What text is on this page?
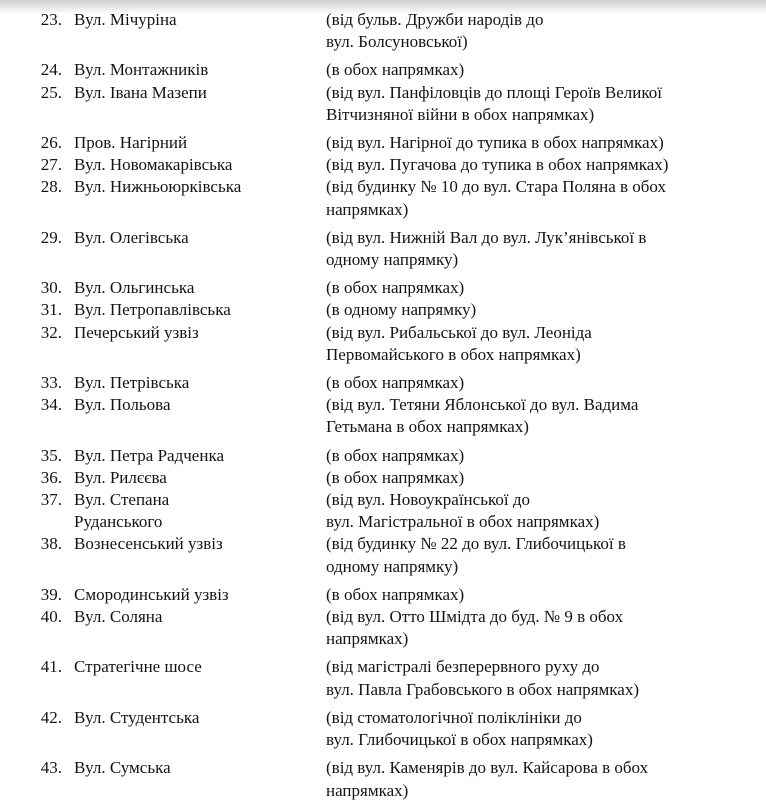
23. Вул. Мічуріна	(від бульв. Дружби народів до
вул. Болсуновської)
24. Вул. Монтажників	(в обох напрямках)
25. Вул. Івана Мазепи	(від вул. Панфіловців до площі Героїв Великої
Вітчизняної війни в обох напрямках)
26. Пров. Нагірний	(від вул. Нагірної до тупика в обох напрямках)
27. Вул. Новомакарівська	(від вул. Пугачова до тупика в обох напрямках)
28. Вул. Нижньоюрківська	(від будинку № 10 до вул. Стара Поляна в обох
напрямках)
29. Вул. Олегівська	(від вул. Нижній Вал до вул. Лук’янівської в
одному напрямку)
30. Вул. Ольгинська	(в обох напрямках)
31. Вул. Петропавлівська	(в одному напрямку)
32. Печерський узвіз	(від вул. Рибальської до вул. Леоніда
Первомайського в обох напрямках)
33. Вул. Петрівська	(в обох напрямках)
34. Вул. Польова	(від вул. Тетяни Яблонської до вул. Вадима
Гетьмана в обох напрямках)
35. Вул. Петра Радченка	(в обох напрямках)
36. Вул. Рилєєва	(в обох напрямках)
37. Вул. Степана
Руданського
(від вул. Новоукраїнської до
вул. Магістральної в обох напрямках)
38. Вознесенський узвіз	(від будинку № 22 до вул. Глибочицької в
одному напрямку)
39. Смородинський узвіз	(в обох напрямках)
40. Вул. Соляна	(від вул. Отто Шмідта до буд. № 9 в обох
напрямках)
41. Стратегічне шосе	(від магістралі безперервного руху до
вул. Павла Грабовського в обох напрямках)
42. Вул. Студентська	(від стоматологічної поліклініки до
вул. Глибочицької в обох напрямках)
43. Вул. Сумська	(від вул. Каменярів до вул. Кайсарова в обох
напрямках)
